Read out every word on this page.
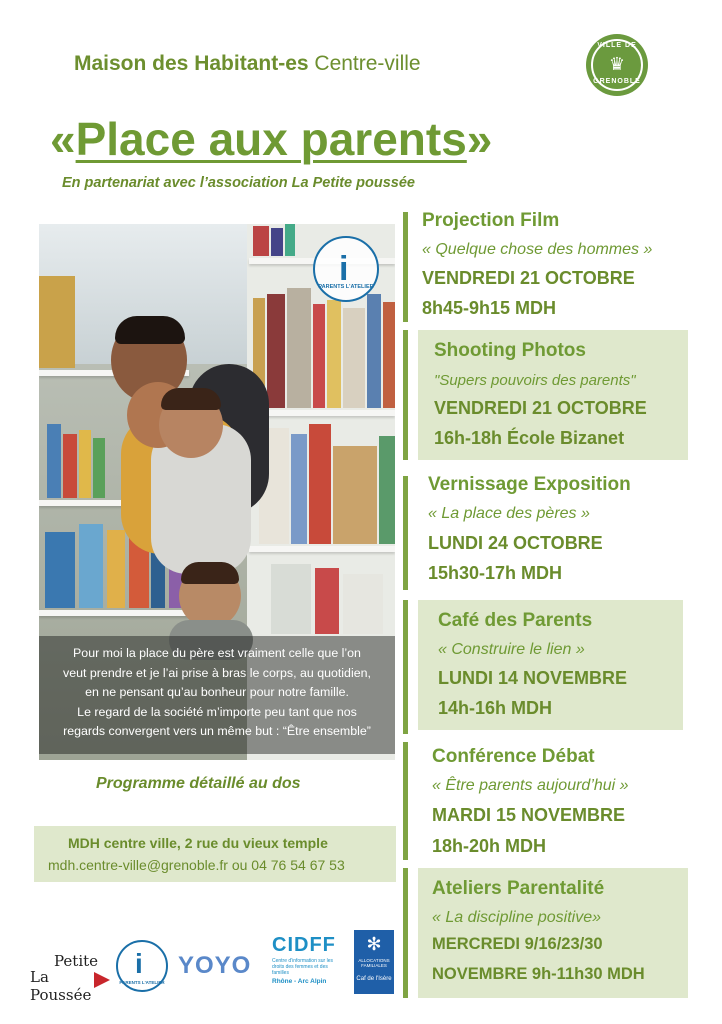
Maison des Habitant-es Centre-ville
VILLE DE
♛
GRENOBLE
«Place aux parents»
En partenariat avec l’association La Petite poussée
i
PARENTS L'ATELIER
Pour moi la place du père est vraiment celle que l’on
veut prendre et je l’ai prise à bras le corps, au quotidien,
en ne pensant qu’au bonheur pour notre famille.
Le regard de la société m’importe peu tant que nos
regards convergent vers un même but : “Être ensemble”
Programme détaillé au dos
MDH centre ville, 2 rue du vieux temple
mdh.centre-ville@grenoble.fr ou 04 76 54 67 53
Projection Film
« Quelque chose des hommes »
VENDREDI 21 OCTOBRE
8h45-9h15 MDH
Shooting Photos
"Supers pouvoirs des parents"
VENDREDI 21 OCTOBRE
16h-18h École Bizanet
Vernissage Exposition
« La place des pères »
LUNDI 24 OCTOBRE
15h30-17h MDH
Café des Parents
« Construire le lien »
LUNDI 14 NOVEMBRE
14h-16h MDH
Conférence Débat
« Être parents aujourd’hui »
MARDI 15 NOVEMBRE
18h-20h MDH
Ateliers Parentalité
« La discipline positive»
MERCREDI 9/16/23/30
NOVEMBRE 9h-11h30 MDH
Petite
La Poussée
i
PARENTS L'ATELIER
YOYO
CIDFF
Centre d'information sur les droits des femmes et des familles
Rhône - Arc Alpin
✻
ALLOCATIONS FAMILIALES
Caf de l'Isère
